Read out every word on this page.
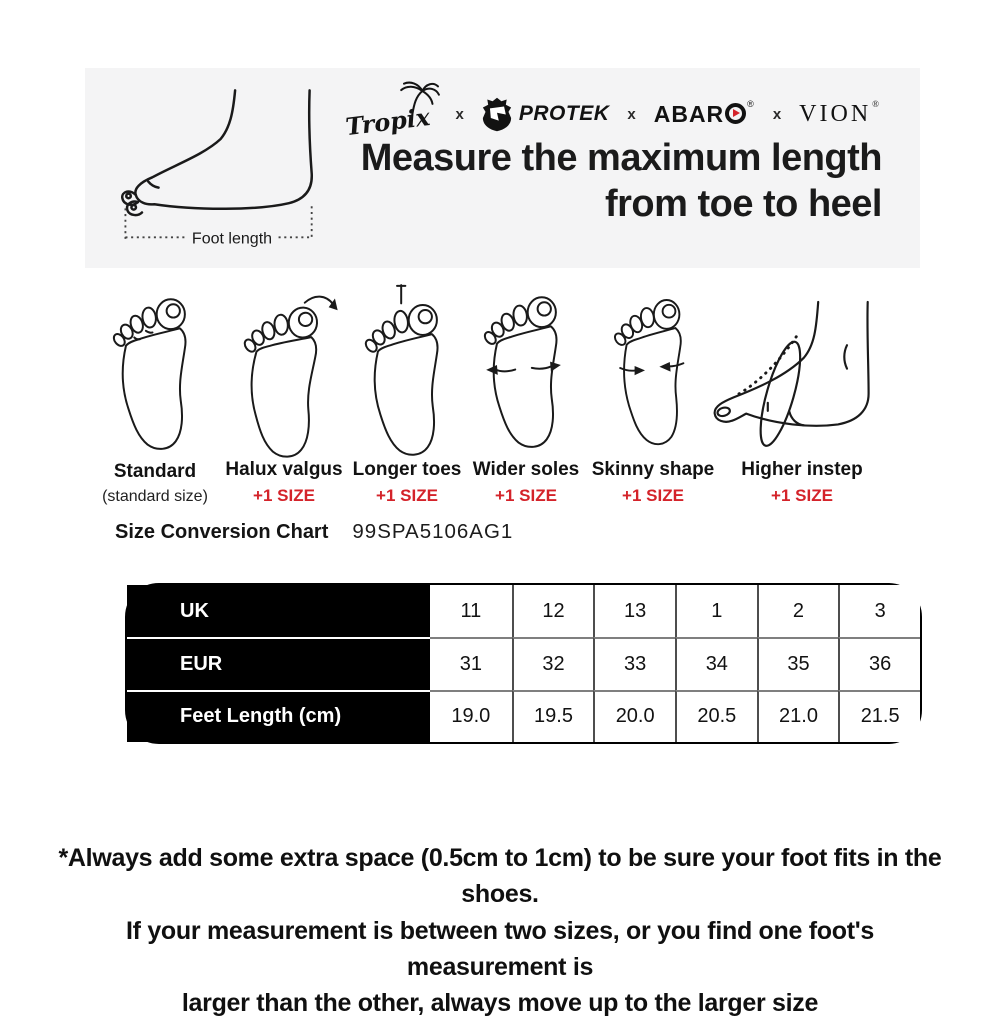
Foot length
Tropix x	PROTEK x ABAR	®
x VION ®
Measure the maximum length
from toe to heel
Standard
(standard size)
Halux valgus
+1 SIZE
Longer toes
+1 SIZE
Wider soles
+1 SIZE
Skinny shape
+1 SIZE
Higher instep
+1 SIZE
Size Conversion Chart 99SPA5106AG1
UK	11	12	13	1	2	3
EUR	31	32	33	34	35	36
Feet Length (cm)	19.0	19.5	20.0	20.5	21.0	21.5
*Always add some extra space (0.5cm to 1cm) to be sure your foot fits in the shoes.
If your measurement is between two sizes, or you find one foot's measurement is
larger than the other, always move up to the larger size
